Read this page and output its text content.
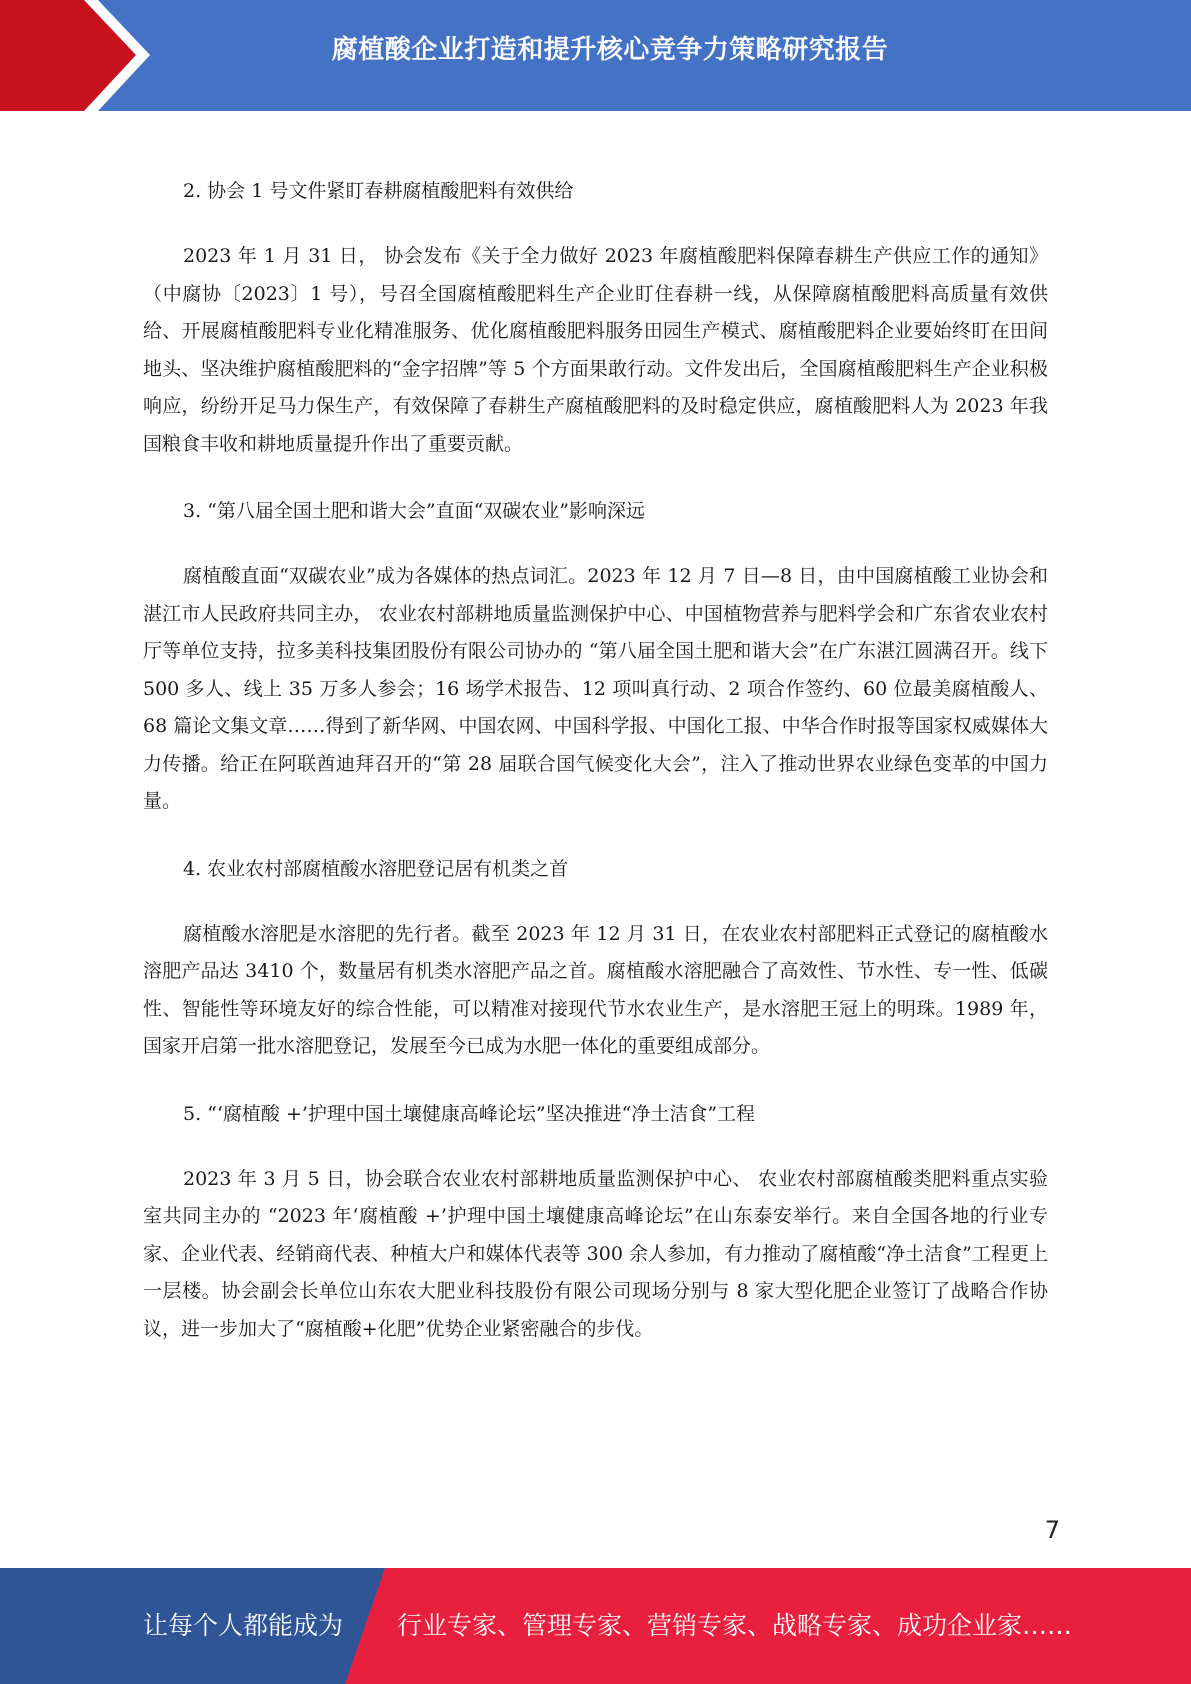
腐植酸企业打造和提升核心竞争力策略研究报告

2. 协会 1 号文件紧盯春耕腐植酸肥料有效供给

2023 年 1 月 31 日， 协会发布《关于全力做好 2023 年腐植酸肥料保障春耕生产供应工作的通知》（中腐协〔2023〕1 号），号召全国腐植酸肥料生产企业盯住春耕一线，从保障腐植酸肥料高质量有效供给、开展腐植酸肥料专业化精准服务、优化腐植酸肥料服务田园生产模式、腐植酸肥料企业要始终盯在田间地头、坚决维护腐植酸肥料的“金字招牌”等 5 个方面果敢行动。文件发出后，全国腐植酸肥料生产企业积极响应，纷纷开足马力保生产，有效保障了春耕生产腐植酸肥料的及时稳定供应，腐植酸肥料人为 2023 年我国粮食丰收和耕地质量提升作出了重要贡献。

3. “第八届全国土肥和谐大会”直面“双碳农业”影响深远

腐植酸直面“双碳农业”成为各媒体的热点词汇。2023 年 12 月 7 日—8 日，由中国腐植酸工业协会和湛江市人民政府共同主办， 农业农村部耕地质量监测保护中心、中国植物营养与肥料学会和广东省农业农村厅等单位支持，拉多美科技集团股份有限公司协办的 “第八届全国土肥和谐大会”在广东湛江圆满召开。线下 500 多人、线上 35 万多人参会；16 场学术报告、12 项叫真行动、2 项合作签约、60 位最美腐植酸人、68 篇论文集文章……得到了新华网、中国农网、中国科学报、中国化工报、中华合作时报等国家权威媒体大力传播。给正在阿联酋迪拜召开的“第 28 届联合国气候变化大会”，注入了推动世界农业绿色变革的中国力量。

4. 农业农村部腐植酸水溶肥登记居有机类之首

腐植酸水溶肥是水溶肥的先行者。截至 2023 年 12 月 31 日，在农业农村部肥料正式登记的腐植酸水溶肥产品达 3410 个，数量居有机类水溶肥产品之首。腐植酸水溶肥融合了高效性、节水性、专一性、低碳性、智能性等环境友好的综合性能，可以精准对接现代节水农业生产，是水溶肥王冠上的明珠。1989 年，国家开启第一批水溶肥登记，发展至今已成为水肥一体化的重要组成部分。

5. “‘腐植酸 +’护理中国土壤健康高峰论坛”坚决推进“净土洁食”工程

2023 年 3 月 5 日，协会联合农业农村部耕地质量监测保护中心、 农业农村部腐植酸类肥料重点实验室共同主办的 “2023 年‘腐植酸 +’护理中国土壤健康高峰论坛”在山东泰安举行。来自全国各地的行业专家、企业代表、经销商代表、种植大户和媒体代表等 300 余人参加，有力推动了腐植酸“净土洁食”工程更上一层楼。协会副会长单位山东农大肥业科技股份有限公司现场分别与 8 家大型化肥企业签订了战略合作协议，进一步加大了“腐植酸+化肥”优势企业紧密融合的步伐。

7
让每个人都能成为 行业专家、管理专家、营销专家、战略专家、成功企业家……
